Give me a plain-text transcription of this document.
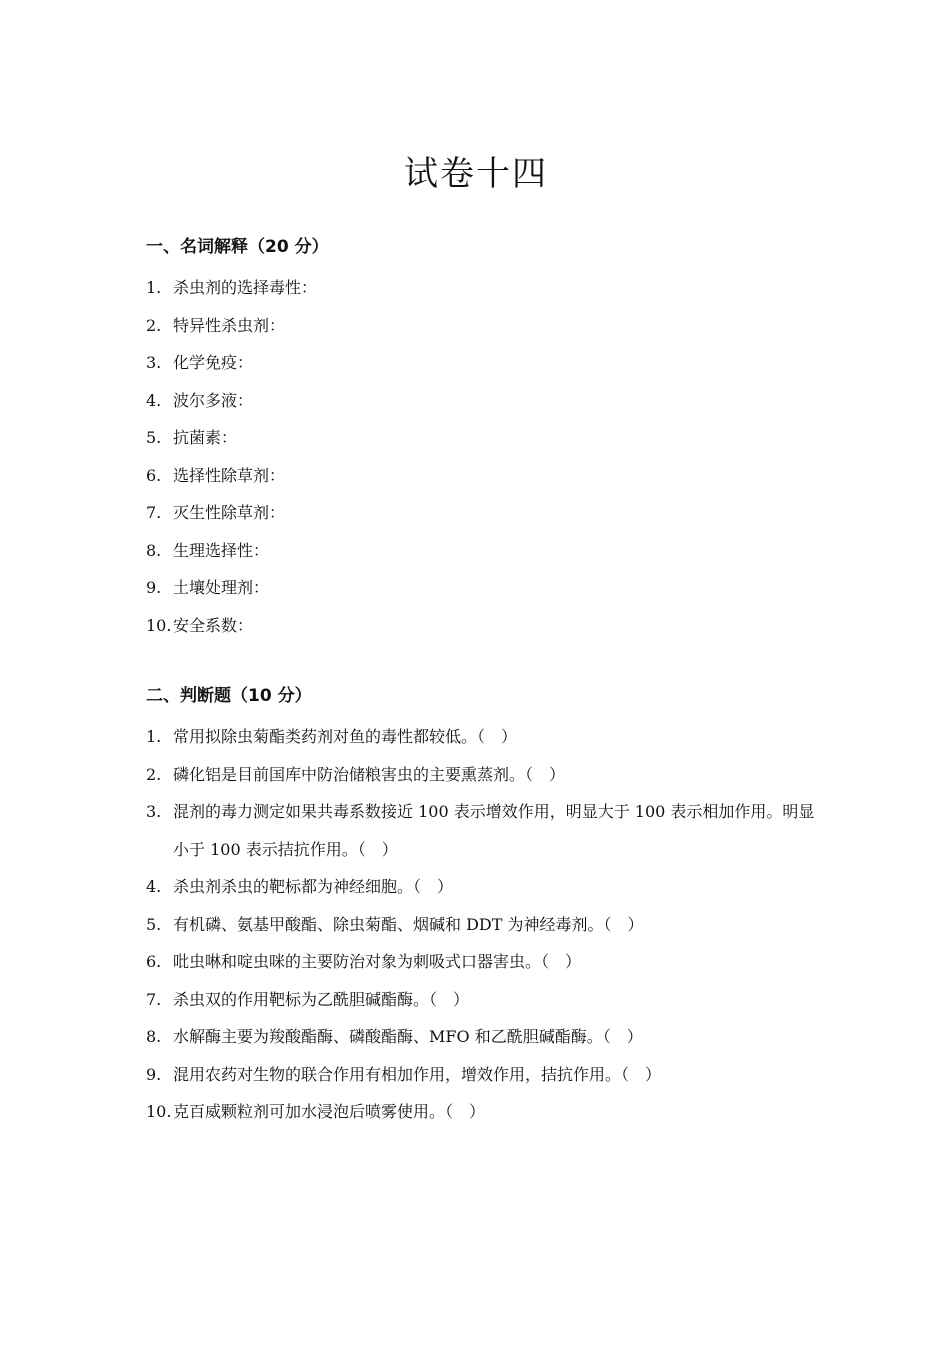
试卷十四
一、名词解释（20 分）
1. 杀虫剂的选择毒性：
2. 特异性杀虫剂：
3. 化学免疫：
4. 波尔多液：
5. 抗菌素：
6. 选择性除草剂：
7. 灭生性除草剂：
8. 生理选择性：
9. 土壤处理剂：
10. 安全系数：
二、判断题（10 分）
1. 常用拟除虫菊酯类药剂对鱼的毒性都较低。（　）
2. 磷化铝是目前国库中防治储粮害虫的主要熏蒸剂。（　）
3. 混剂的毒力测定如果共毒系数接近 100 表示增效作用，明显大于 100 表示相加作用。明显小于 100 表示拮抗作用。（　）
4. 杀虫剂杀虫的靶标都为神经细胞。（　）
5. 有机磷、氨基甲酸酯、除虫菊酯、烟碱和 DDT 为神经毒剂。（　）
6. 吡虫啉和啶虫咪的主要防治对象为刺吸式口器害虫。（　）
7. 杀虫双的作用靶标为乙酰胆碱酯酶。（　）
8. 水解酶主要为羧酸酯酶、磷酸酯酶、MFO 和乙酰胆碱酯酶。（　）
9. 混用农药对生物的联合作用有相加作用，增效作用，拮抗作用。（　）
10. 克百威颗粒剂可加水浸泡后喷雾使用。（　）
